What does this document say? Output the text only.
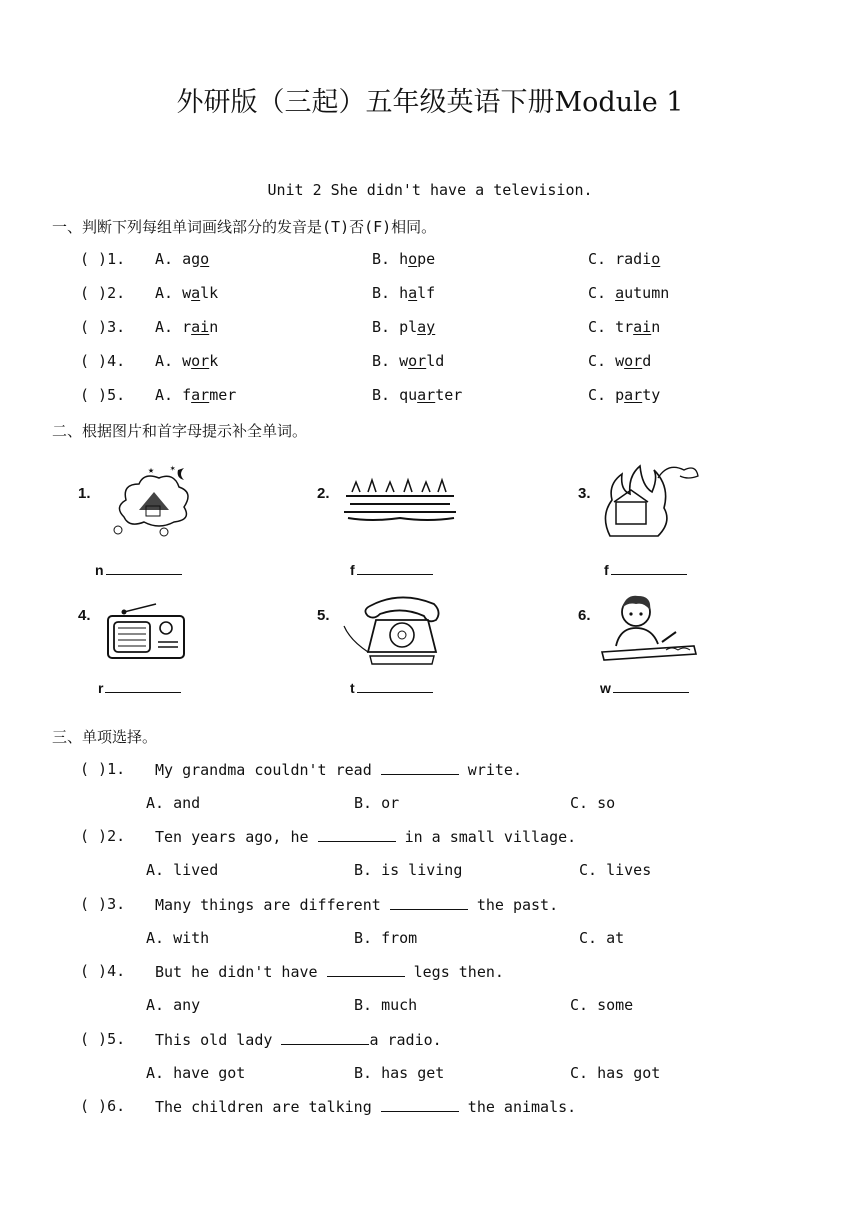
外研版（三起）五年级英语下册Module 1
Unit 2 She didn't have a television.
一、判断下列每组单词画线部分的发音是(T)否(F)相同。
( )1. A. ago	B. hope	C. radio
( )2. A. walk	B. half	C. autumn
( )3. A. rain	B. play	C. train
( )4. A. work	B. world	C. word
( )5. A. farmer	B. quarter	C. party
二、根据图片和首字母提示补全单词。
1.
★ ✶
n
2.
f
3.
f
4.
r
5.
t
6.
w
三、单项选择。
( )1. My grandma couldn't read	write.
A. and	B. or	C. so
( )2. Ten years ago, he	in a small village.
A. lived	B. is living	C. lives
( )3. Many things are different	the past.
A. with	B. from	C. at
( )4. But he didn't have	legs then.
A. any	B. much	C. some
( )5. This old lady	a radio.
A. have got	B. has get	C. has got
( )6. The children are talking	the animals.
